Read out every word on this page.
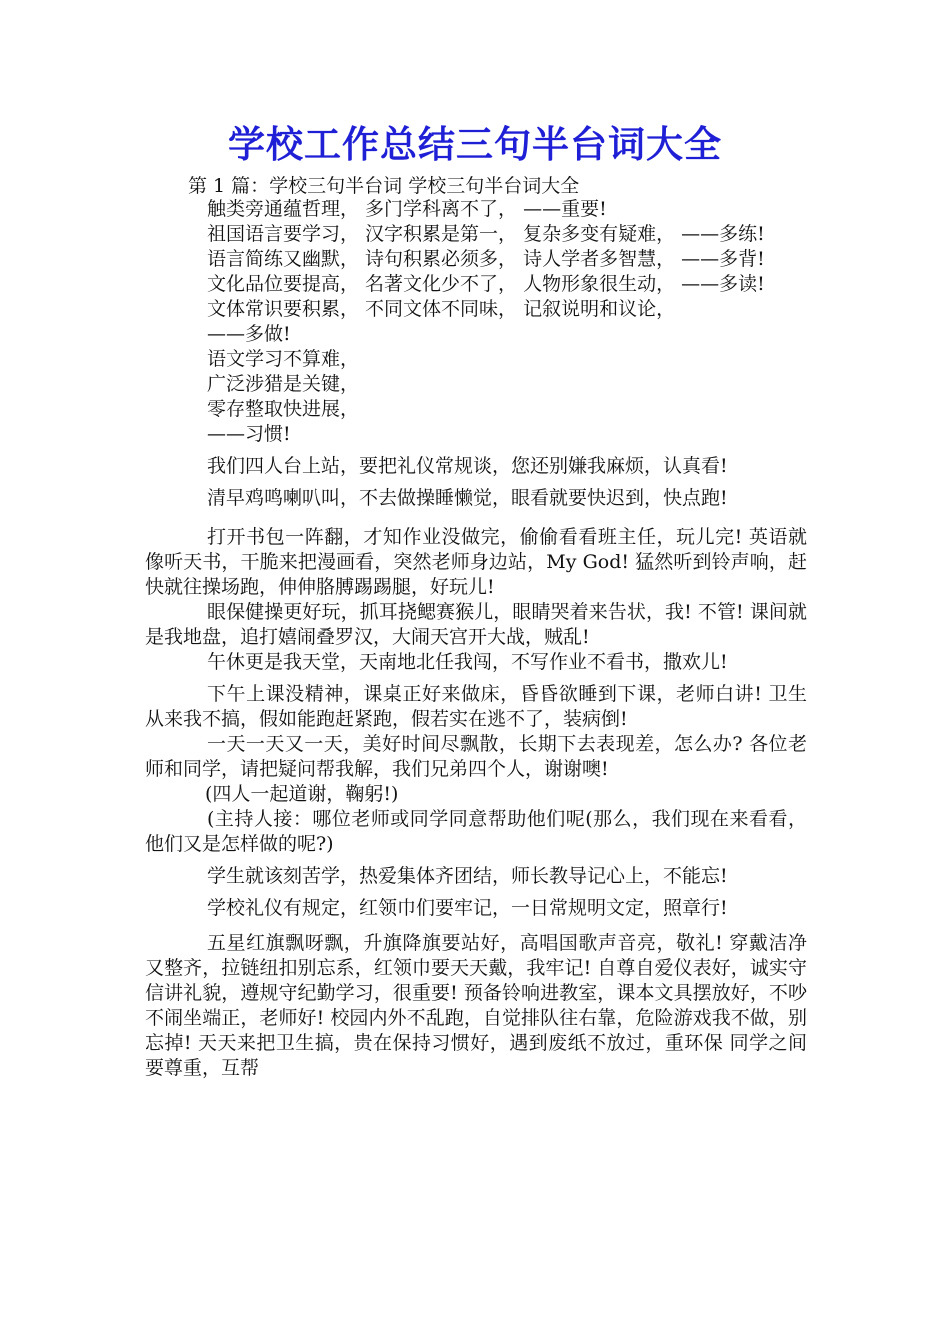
学校工作总结三句半台词大全
第 1 篇：学校三句半台词 学校三句半台词大全

触类旁通蕴哲理， 多门学科离不了， ——重要!

祖国语言要学习， 汉字积累是第一， 复杂多变有疑难， ——多练!

语言简练又幽默， 诗句积累必须多， 诗人学者多智慧， ——多背!

文化品位要提高， 名著文化少不了， 人物形象很生动， ——多读!

文体常识要积累， 不同文体不同味， 记叙说明和议论，

——多做!

语文学习不算难，

广泛涉猎是关键，

零存整取快进展，

——习惯!

我们四人台上站，要把礼仪常规谈，您还别嫌我麻烦，认真看!

清早鸡鸣喇叭叫，不去做操睡懒觉，眼看就要快迟到，快点跑!

打开书包一阵翻，才知作业没做完，偷偷看看班主任，玩儿完! 英语就像听天书，干脆来把漫画看，突然老师身边站，My God! 猛然听到铃声响，赶快就往操场跑，伸伸胳膊踢踢腿，好玩儿!

眼保健操更好玩，抓耳挠鳃赛猴儿，眼睛哭着来告状，我! 不管! 课间就是我地盘，追打嬉闹叠罗汉，大闹天宫开大战，贼乱!

午休更是我天堂，天南地北任我闯，不写作业不看书，撒欢儿!

下午上课没精神，课桌正好来做床，昏昏欲睡到下课，老师白讲! 卫生从来我不搞，假如能跑赶紧跑，假若实在逃不了，装病倒!

一天一天又一天，美好时间尽飘散，长期下去表现差，怎么办? 各位老师和同学，请把疑问帮我解，我们兄弟四个人，谢谢噢!

(四人一起道谢，鞠躬!)

(主持人接：哪位老师或同学同意帮助他们呢(那么，我们现在来看看，他们又是怎样做的呢?)

学生就该刻苦学，热爱集体齐团结，师长教导记心上，不能忘!

学校礼仪有规定，红领巾们要牢记，一日常规明文定，照章行!

五星红旗飘呀飘，升旗降旗要站好，高唱国歌声音亮，敬礼! 穿戴洁净又整齐，拉链纽扣别忘系，红领巾要天天戴，我牢记! 自尊自爱仪表好，诚实守信讲礼貌，遵规守纪勤学习，很重要! 预备铃响进教室，课本文具摆放好，不吵不闹坐端正，老师好! 校园内外不乱跑，自觉排队往右靠，危险游戏我不做，别忘掉! 天天来把卫生搞，贵在保持习惯好，遇到废纸不放过，重环保 同学之间要尊重，互帮
